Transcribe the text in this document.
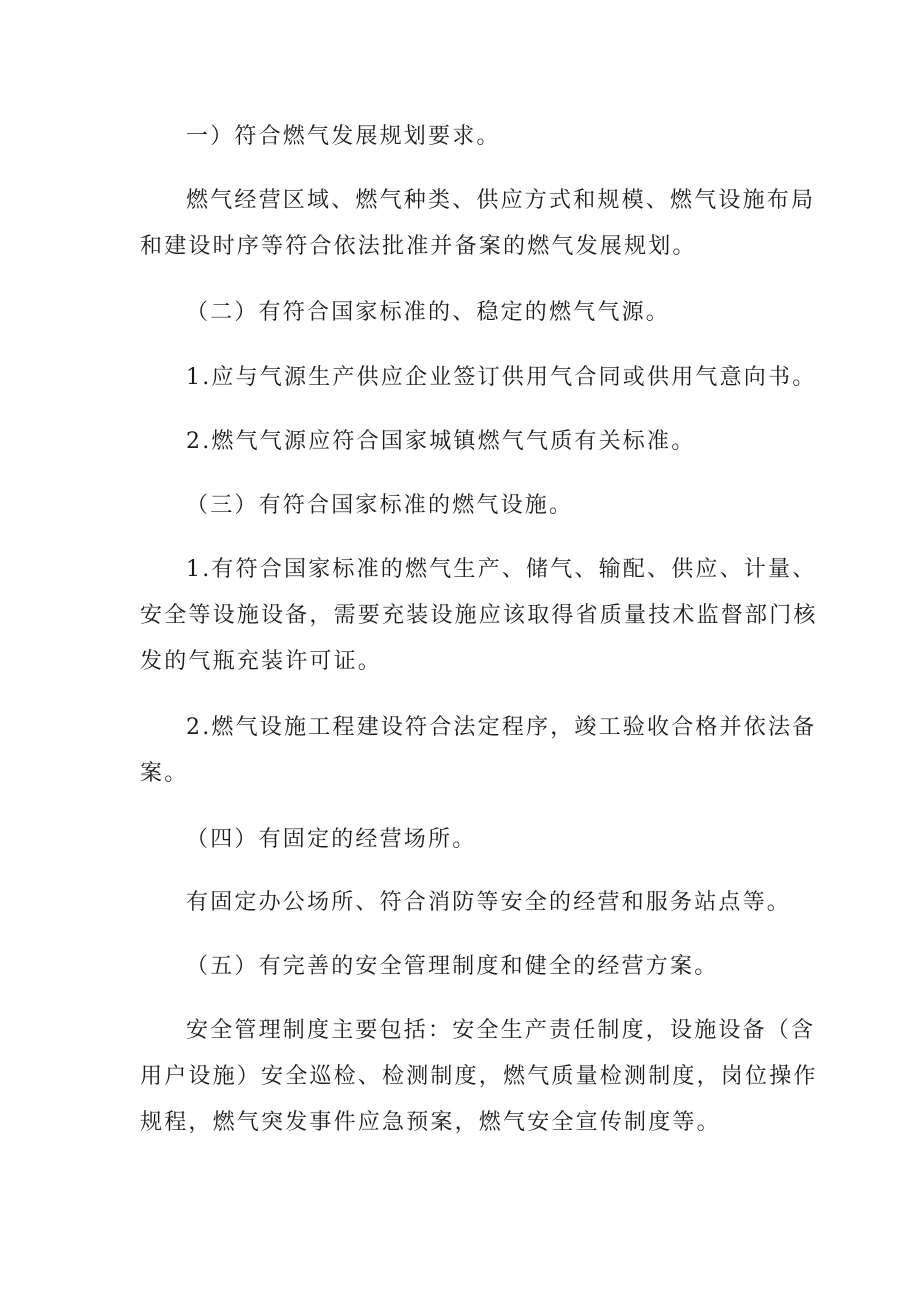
一）符合燃气发展规划要求。
燃气经营区域、燃气种类、供应方式和规模、燃气设施布局
和建设时序等符合依法批准并备案的燃气发展规划。
（二）有符合国家标准的、稳定的燃气气源。
1.应与气源生产供应企业签订供用气合同或供用气意向书。
2.燃气气源应符合国家城镇燃气气质有关标准。
（三）有符合国家标准的燃气设施。
1.有符合国家标准的燃气生产、储气、输配、供应、计量、
安全等设施设备，需要充装设施应该取得省质量技术监督部门核
发的气瓶充装许可证。
2.燃气设施工程建设符合法定程序，竣工验收合格并依法备
案。
（四）有固定的经营场所。
有固定办公场所、符合消防等安全的经营和服务站点等。
（五）有完善的安全管理制度和健全的经营方案。
安全管理制度主要包括：安全生产责任制度，设施设备（含
用户设施）安全巡检、检测制度，燃气质量检测制度，岗位操作
规程，燃气突发事件应急预案，燃气安全宣传制度等。
